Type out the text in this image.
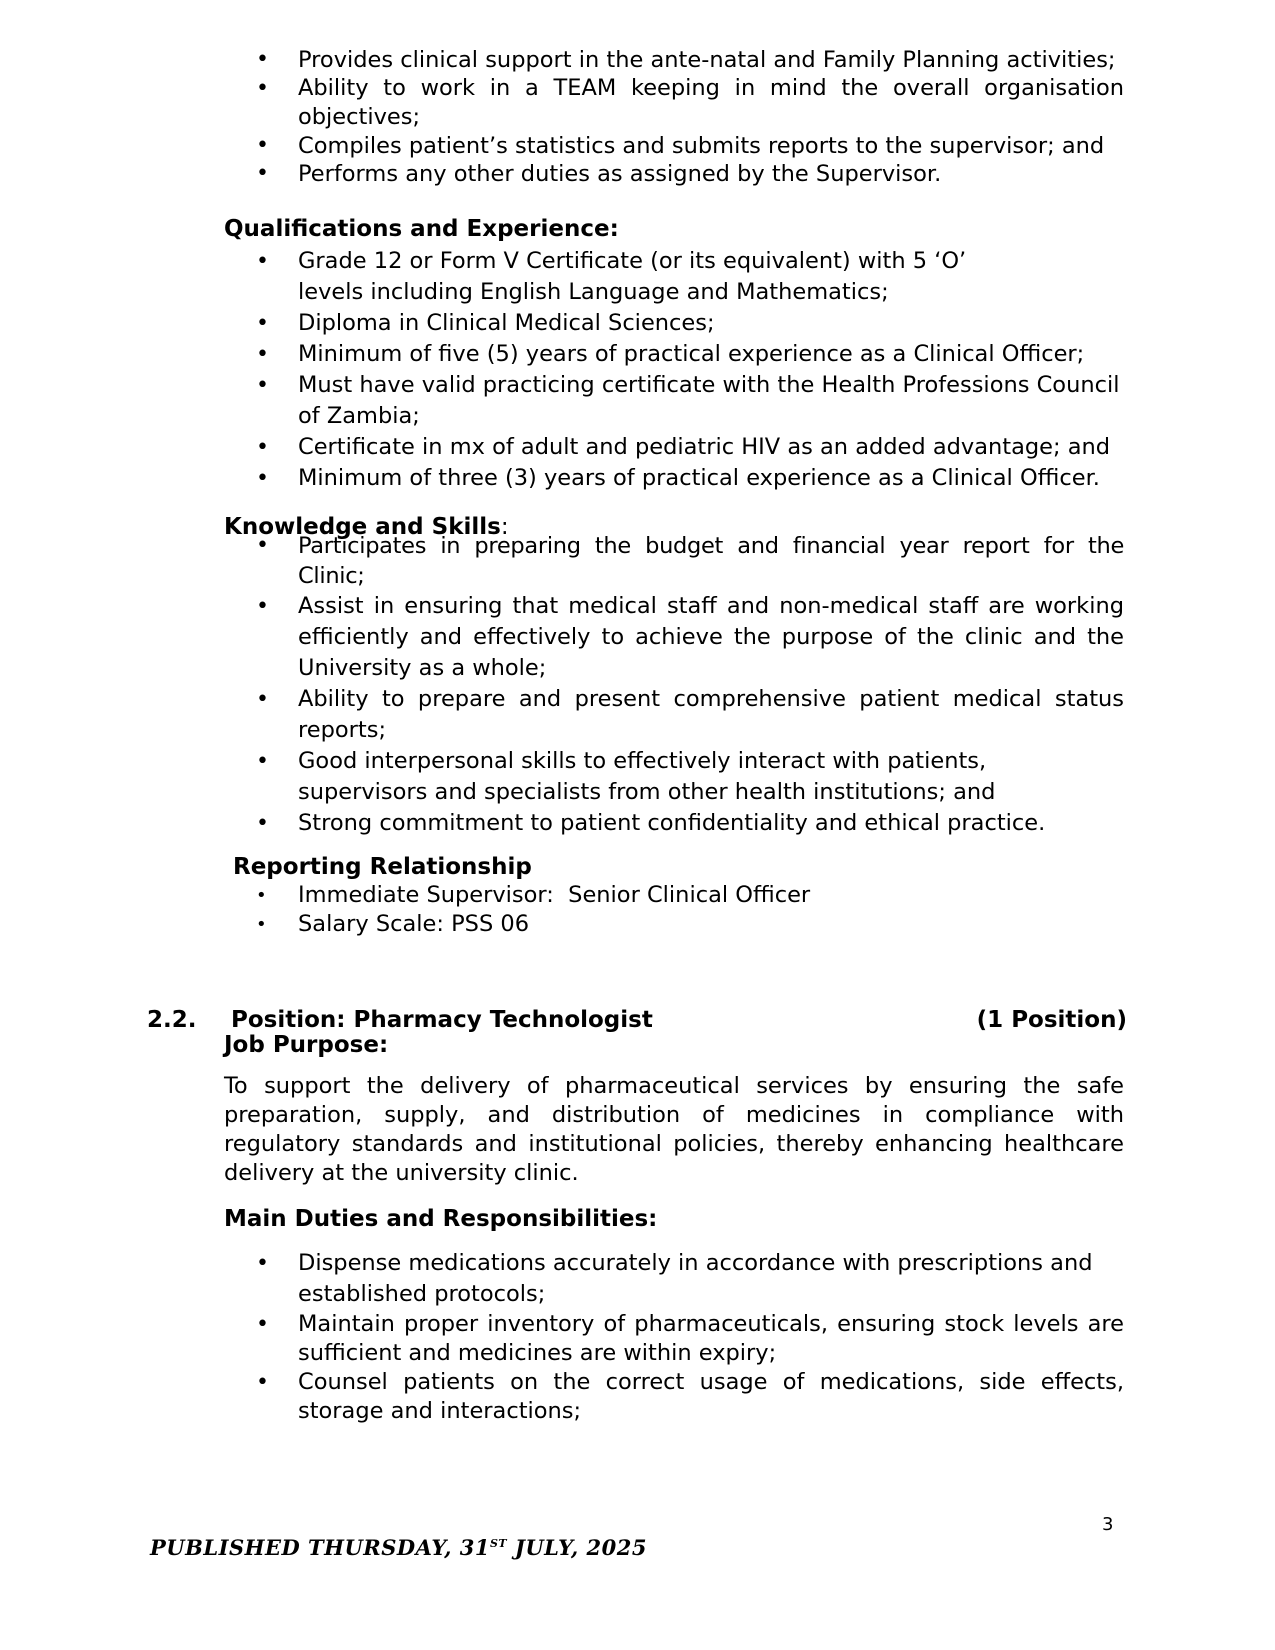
• Provides clinical support in the ante-natal and Family Planning activities;
• Ability to work in a TEAM keeping in mind the overall organisation objectives;
• Compiles patient’s statistics and submits reports to the supervisor; and
• Performs any other duties as assigned by the Supervisor.
Qualifications and Experience:
• Grade 12 or Form V Certificate (or its equivalent) with 5 ‘O’ levels including English Language and Mathematics;
• Diploma in Clinical Medical Sciences;
• Minimum of five (5) years of practical experience as a Clinical Officer;
• Must have valid practicing certificate with the Health Professions Council of Zambia;
• Certificate in mx of adult and pediatric HIV as an added advantage; and
• Minimum of three (3) years of practical experience as a Clinical Officer.
Knowledge and Skills:
• Participates in preparing the budget and financial year report for the Clinic;
• Assist in ensuring that medical staff and non-medical staff are working efficiently and effectively to achieve the purpose of the clinic and the University as a whole;
• Ability to prepare and present comprehensive patient medical status reports;
• Good interpersonal skills to effectively interact with patients, supervisors and specialists from other health institutions; and
• Strong commitment to patient confidentiality and ethical practice.
Reporting Relationship
• Immediate Supervisor:  Senior Clinical Officer
• Salary Scale: PSS 06
2.2. Position: Pharmacy Technologist	(1 Position)
Job Purpose:

To support the delivery of pharmaceutical services by ensuring the safe preparation, supply, and distribution of medicines in compliance with regulatory standards and institutional policies, thereby enhancing healthcare delivery at the university clinic.

Main Duties and Responsibilities:
• Dispense medications accurately in accordance with prescriptions and established protocols;
• Maintain proper inventory of pharmaceuticals, ensuring stock levels are sufficient and medicines are within expiry;
• Counsel patients on the correct usage of medications, side effects, storage and interactions;
3
PUBLISHED THURSDAY, 31ST JULY, 2025
